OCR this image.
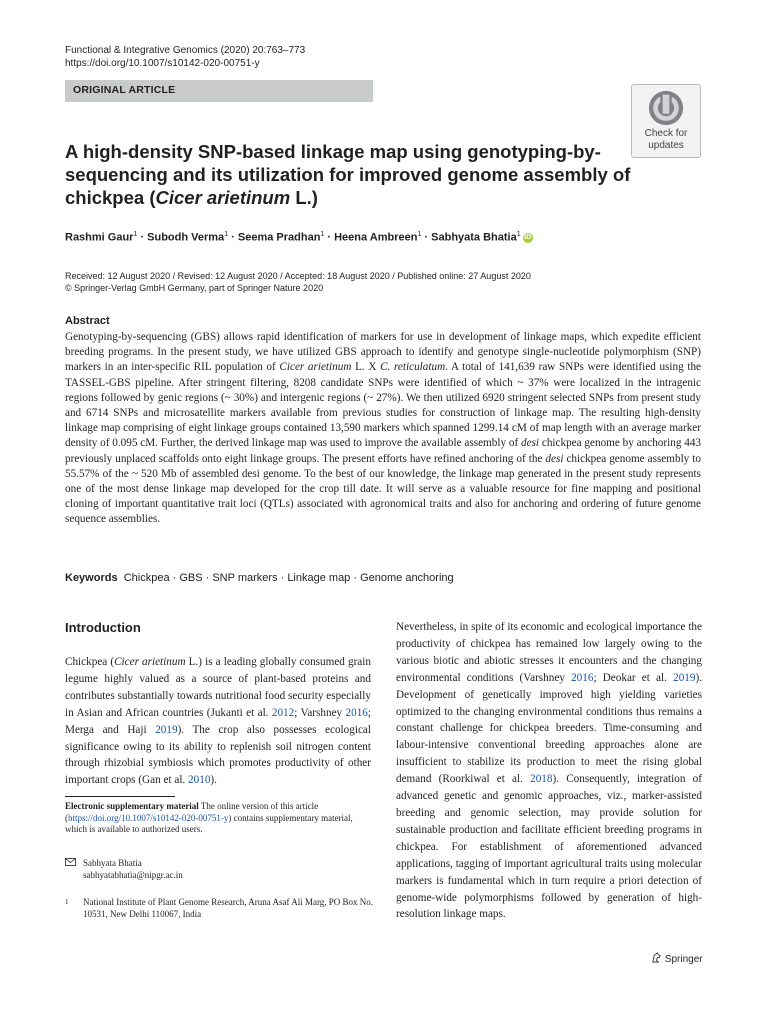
Functional & Integrative Genomics (2020) 20:763–773
https://doi.org/10.1007/s10142-020-00751-y
ORIGINAL ARTICLE
Check for
updates
A high-density SNP-based linkage map using genotyping-by-sequencing and its utilization for improved genome assembly of chickpea (Cicer arietinum L.)
Rashmi Gaur$^1$ · Subodh Verma$^1$ · Seema Pradhan$^1$ · Heena Ambreen$^1$ · Sabhyata Bhatia$^1$ iD
Received: 12 August 2020 / Revised: 12 August 2020 / Accepted: 18 August 2020 / Published online: 27 August 2020
© Springer-Verlag GmbH Germany, part of Springer Nature 2020
Abstract
Genotyping-by-sequencing (GBS) allows rapid identification of markers for use in development of linkage maps, which expedite efficient breeding programs. In the present study, we have utilized GBS approach to identify and genotype single-nucleotide polymorphism (SNP) markers in an inter-specific RIL population of Cicer arietinum L. X C. reticulatum. A total of 141,639 raw SNPs were identified using the TASSEL-GBS pipeline. After stringent filtering, 8208 candidate SNPs were identified of which ~ 37% were localized in the intragenic regions followed by genic regions (~ 30%) and intergenic regions (~ 27%). We then utilized 6920 stringent selected SNPs from present study and 6714 SNPs and microsatellite markers available from previous studies for construction of linkage map. The resulting high-density linkage map comprising of eight linkage groups contained 13,590 markers which spanned 1299.14 cM of map length with an average marker density of 0.095 cM. Further, the derived linkage map was used to improve the available assembly of desi chickpea genome by anchoring 443 previously unplaced scaffolds onto eight linkage groups. The present efforts have refined anchoring of the desi chickpea genome assembly to 55.57% of the ~ 520 Mb of assembled desi genome. To the best of our knowledge, the linkage map generated in the present study represents one of the most dense linkage map developed for the crop till date. It will serve as a valuable resource for fine mapping and positional cloning of important quantitative trait loci (QTLs) associated with agronomical traits and also for anchoring and ordering of future genome sequence assemblies.
Keywords Chickpea · GBS · SNP markers · Linkage map · Genome anchoring
Introduction
Chickpea (Cicer arietinum L.) is a leading globally consumed grain legume highly valued as a source of plant-based proteins and contributes substantially towards nutritional food security especially in Asian and African countries (Jukanti et al. 2012; Varshney 2016; Merga and Haji 2019). The crop also possesses ecological significance owing to its ability to replenish soil nitrogen content through rhizobial symbiosis which promotes productivity of other important crops (Gan et al. 2010).
Nevertheless, in spite of its economic and ecological importance the productivity of chickpea has remained low largely owing to the various biotic and abiotic stresses it encounters and the changing environmental conditions (Varshney 2016; Deokar et al. 2019). Development of genetically improved high yielding varieties optimized to the changing environmental conditions thus remains a constant challenge for chickpea breeders. Time-consuming and labour-intensive conventional breeding approaches alone are insufficient to stabilize its production to meet the rising global demand (Roorkiwal et al. 2018). Consequently, integration of advanced genetic and genomic approaches, viz., marker-assisted breeding and genomic selection, may provide solution for sustainable production and facilitate efficient breeding programs in chickpea. For establishment of aforementioned advanced applications, tagging of important agricultural traits using molecular markers is fundamental which in turn require a priori detection of genome-wide polymorphisms followed by generation of high-resolution linkage maps.
Electronic supplementary material The online version of this article (https://doi.org/10.1007/s10142-020-00751-y) contains supplementary material, which is available to authorized users.
Sabhyata Bhatia
sabhyatabhatia@nipgr.ac.in
1 National Institute of Plant Genome Research, Aruna Asaf Ali Marg, PO Box No. 10531, New Delhi 110067, India
Springer
